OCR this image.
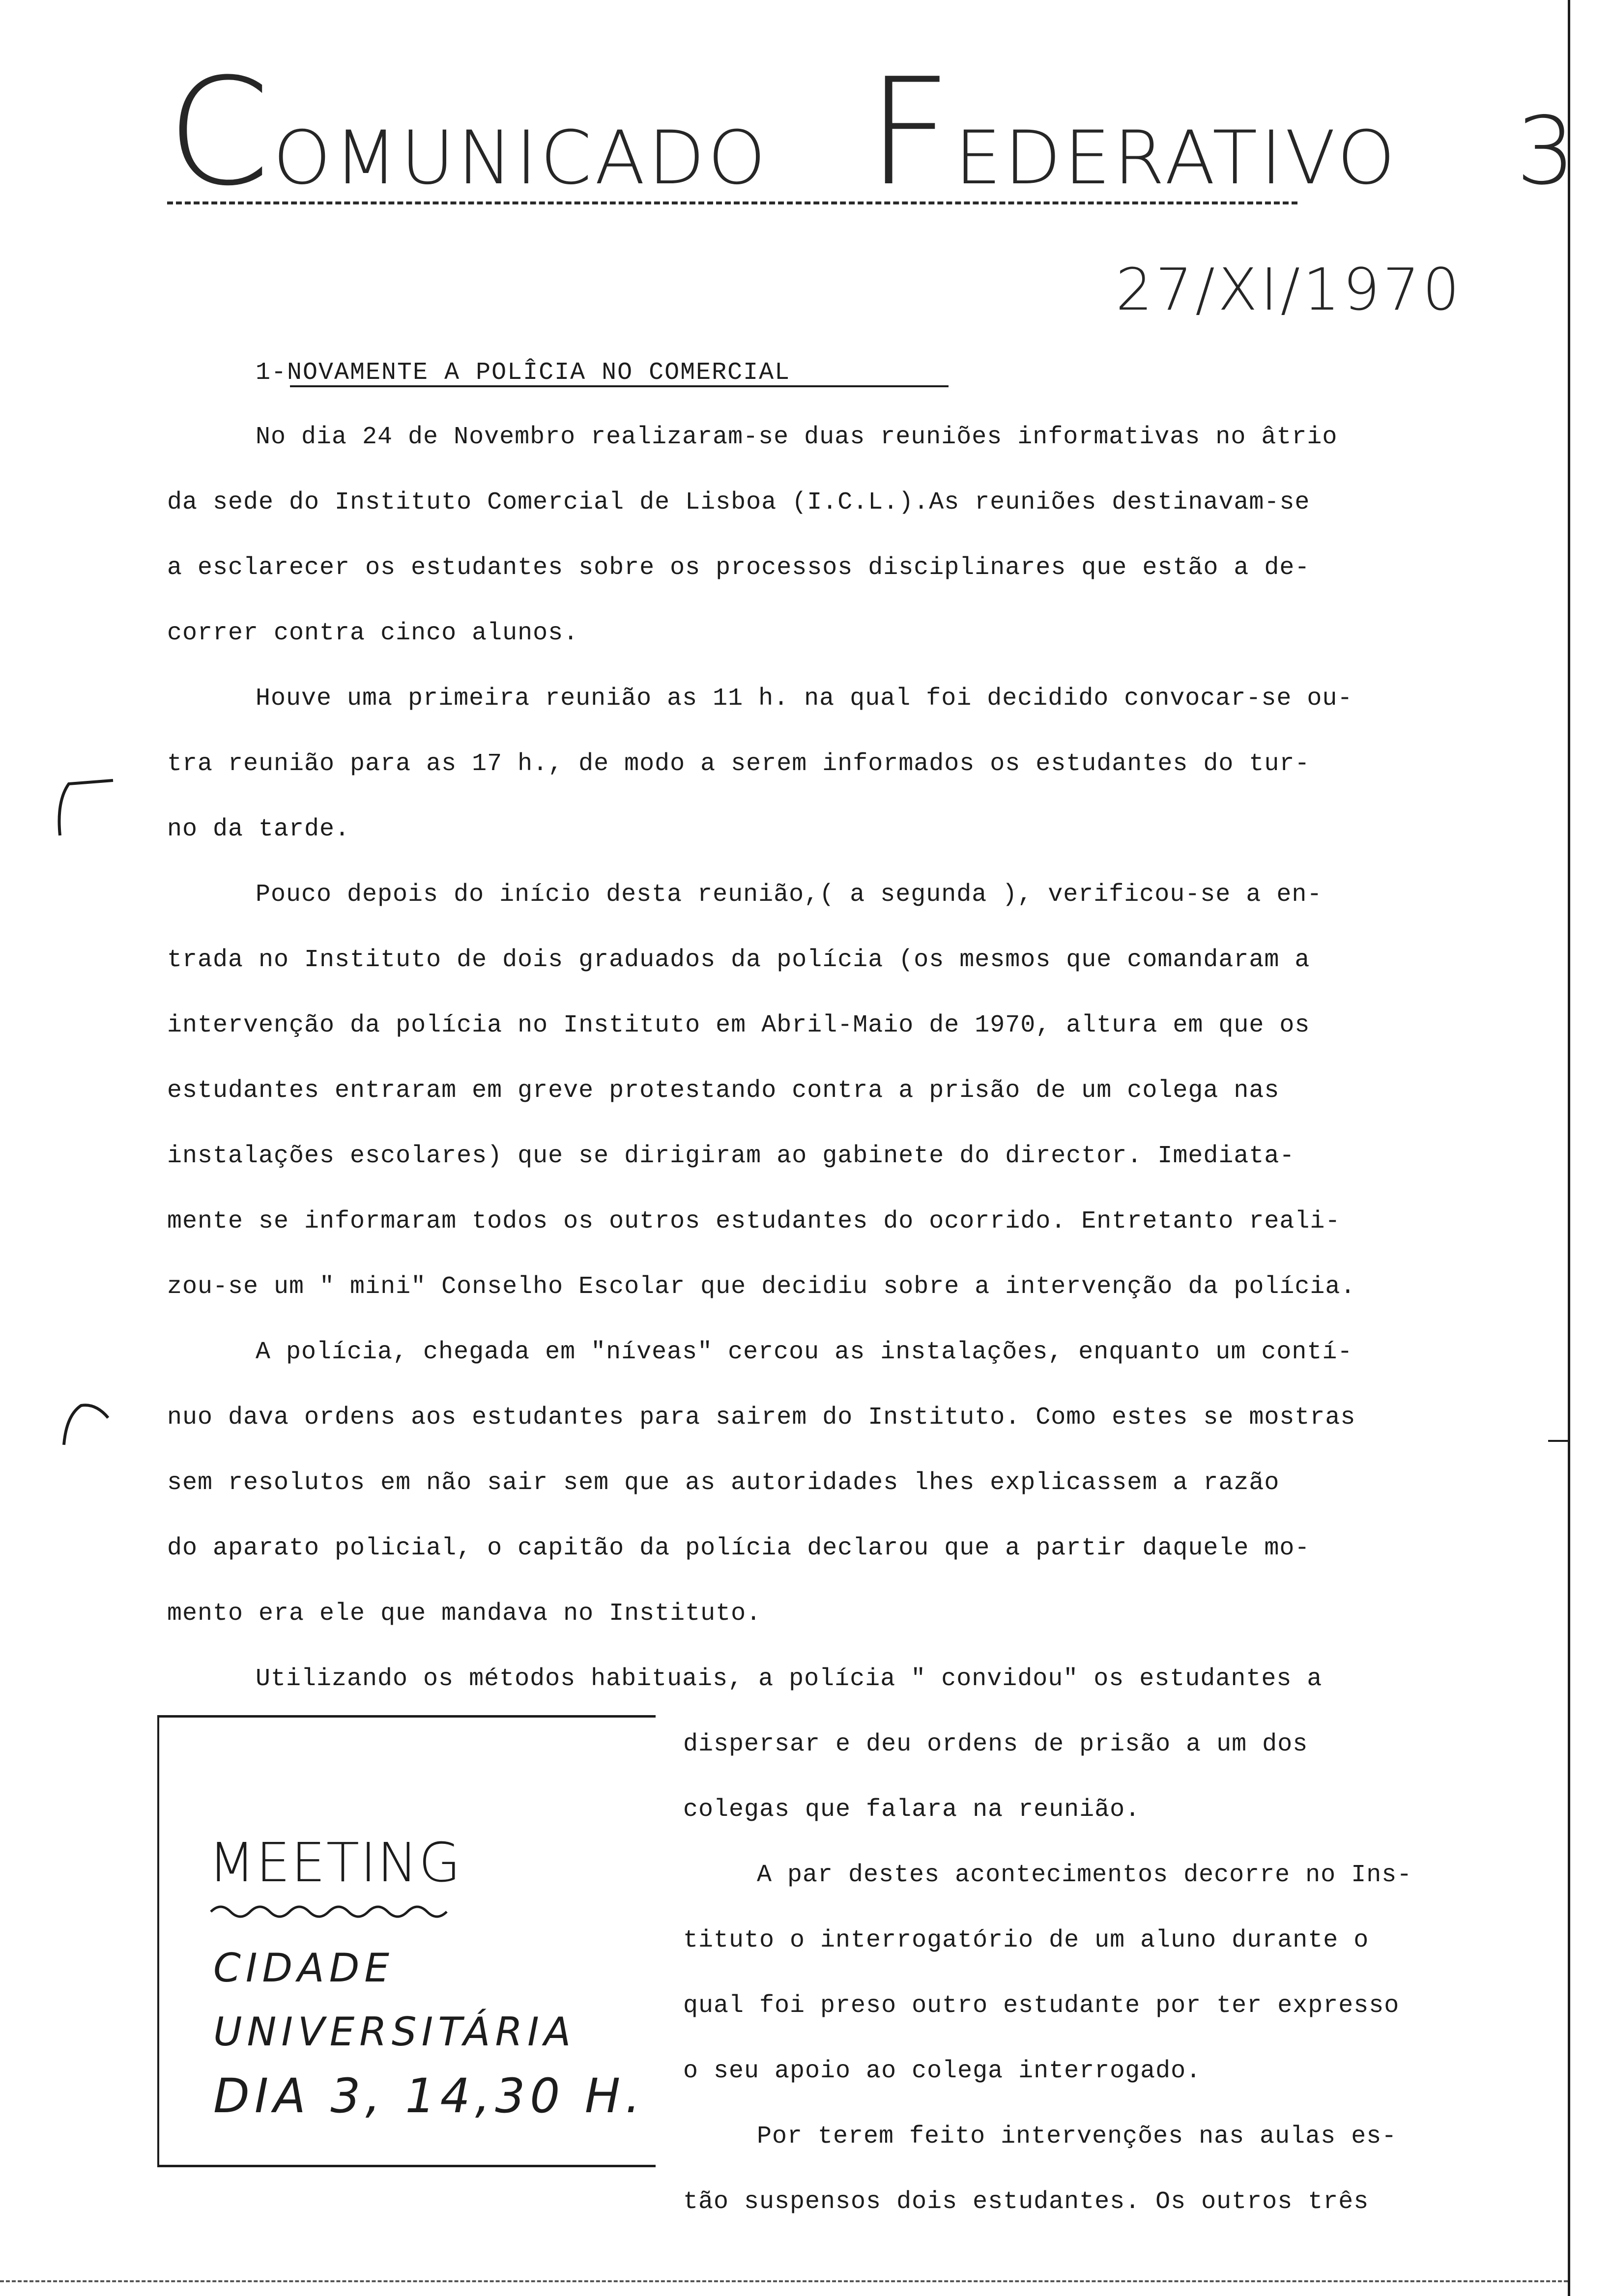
COMUNICADO FEDERATIVO 3
27/XI/1970
1-NOVAMENTE A POLÎCIA NO COMERCIAL
No dia 24 de Novembro realizaram-se duas reuniões informativas no âtrio
da sede do Instituto Comercial de Lisboa (I.C.L.).As reuniões destinavam-se
a esclarecer os estudantes sobre os processos disciplinares que estão a de-
correr contra cinco alunos.
Houve uma primeira reunião as 11 h. na qual foi decidido convocar-se ou-
tra reunião para as 17 h., de modo a serem informados os estudantes do tur-
no da tarde.
Pouco depois do início desta reunião,( a segunda ), verificou-se a en-
trada no Instituto de dois graduados da polícia (os mesmos que comandaram a
intervenção da polícia no Instituto em Abril-Maio de 1970, altura em que os
estudantes entraram em greve protestando contra a prisão de um colega nas
instalações escolares) que se dirigiram ao gabinete do director. Imediata-
mente se informaram todos os outros estudantes do ocorrido. Entretanto reali-
zou-se um " mini" Conselho Escolar que decidiu sobre a intervenção da polícia.
A polícia, chegada em "níveas" cercou as instalações, enquanto um contí-
nuo dava ordens aos estudantes para sairem do Instituto. Como estes se mostras
sem resolutos em não sair sem que as autoridades lhes explicassem a razão
do aparato policial, o capitão da polícia declarou que a partir daquele mo-
mento era ele que mandava no Instituto.
Utilizando os métodos habituais, a polícia " convidou" os estudantes a
dispersar e deu ordens de prisão a um dos
colegas que falara na reunião.
A par destes acontecimentos decorre no Ins-
tituto o interrogatório de um aluno durante o
qual foi preso outro estudante por ter expresso
o seu apoio ao colega interrogado.
Por terem feito intervenções nas aulas es-
tão suspensos dois estudantes. Os outros três
MEETING
CIDADE
UNIVERSITÁRIA
DIA 3, 14,30 H.
